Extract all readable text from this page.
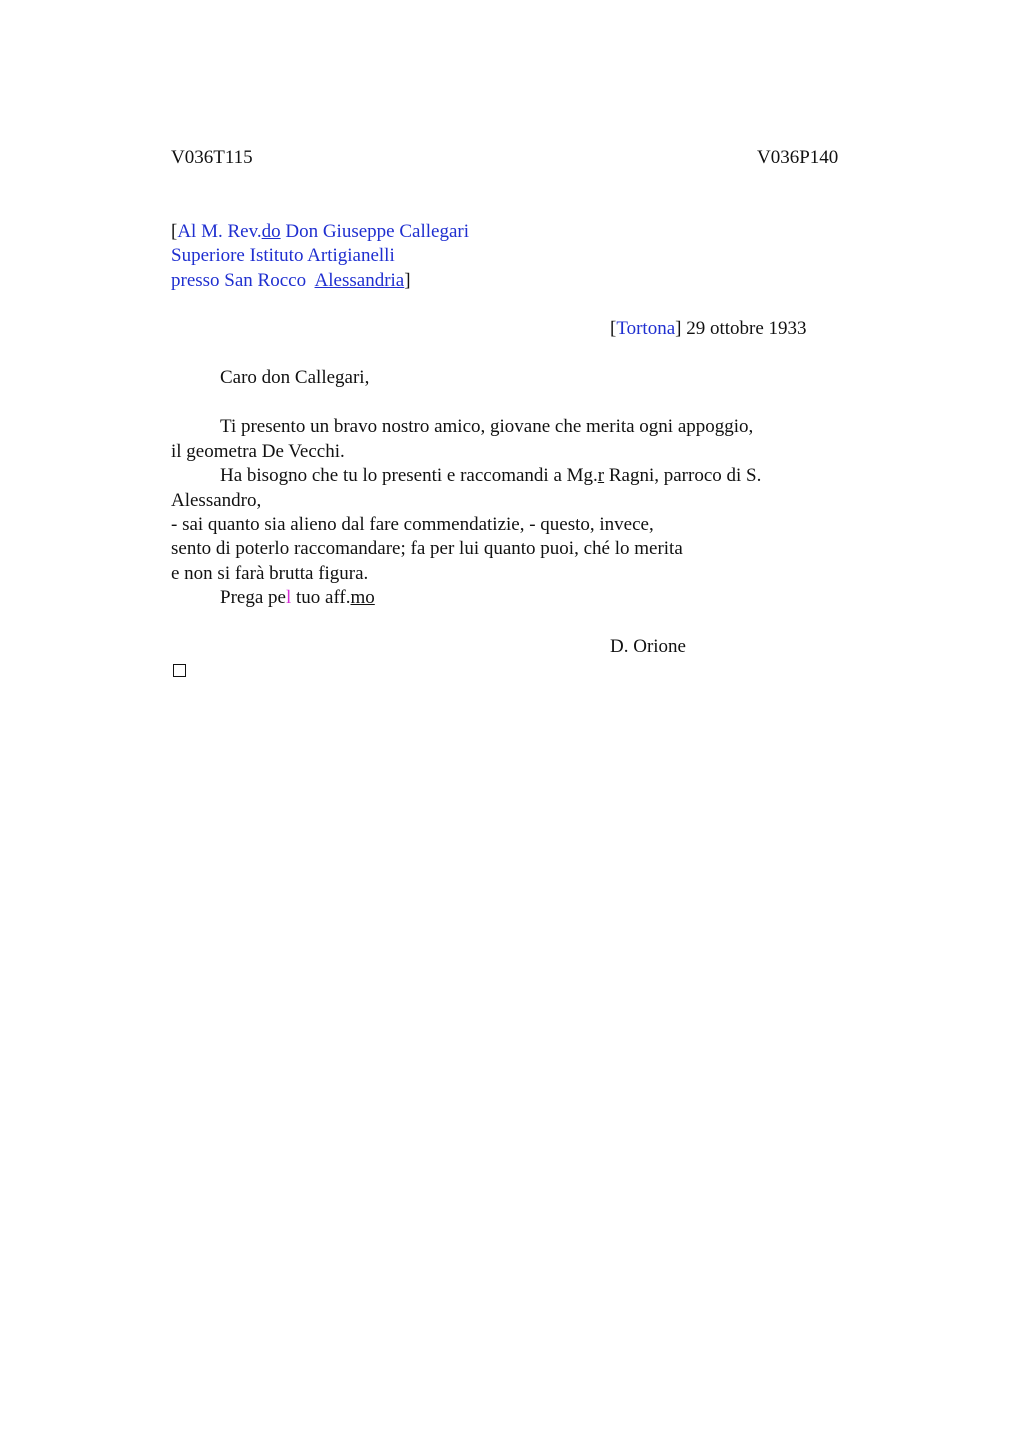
V036T115	V036P140
[Al M. Rev.do Don Giuseppe Callegari
Superiore Istituto Artigianelli
presso San Rocco  Alessandria]
[Tortona] 29 ottobre 1933
Caro don Callegari,
Ti presento un bravo nostro amico, giovane che merita ogni appoggio,
il geometra De Vecchi.
Ha bisogno che tu lo presenti e raccomandi a Mg.r Ragni, parroco di S.
Alessandro,
- sai quanto sia alieno dal fare commendatizie, - questo, invece,
sento di poterlo raccomandare; fa per lui quanto puoi, ché lo merita
e non si farà brutta figura.
Prega pel tuo aff.mo
D. Orione
